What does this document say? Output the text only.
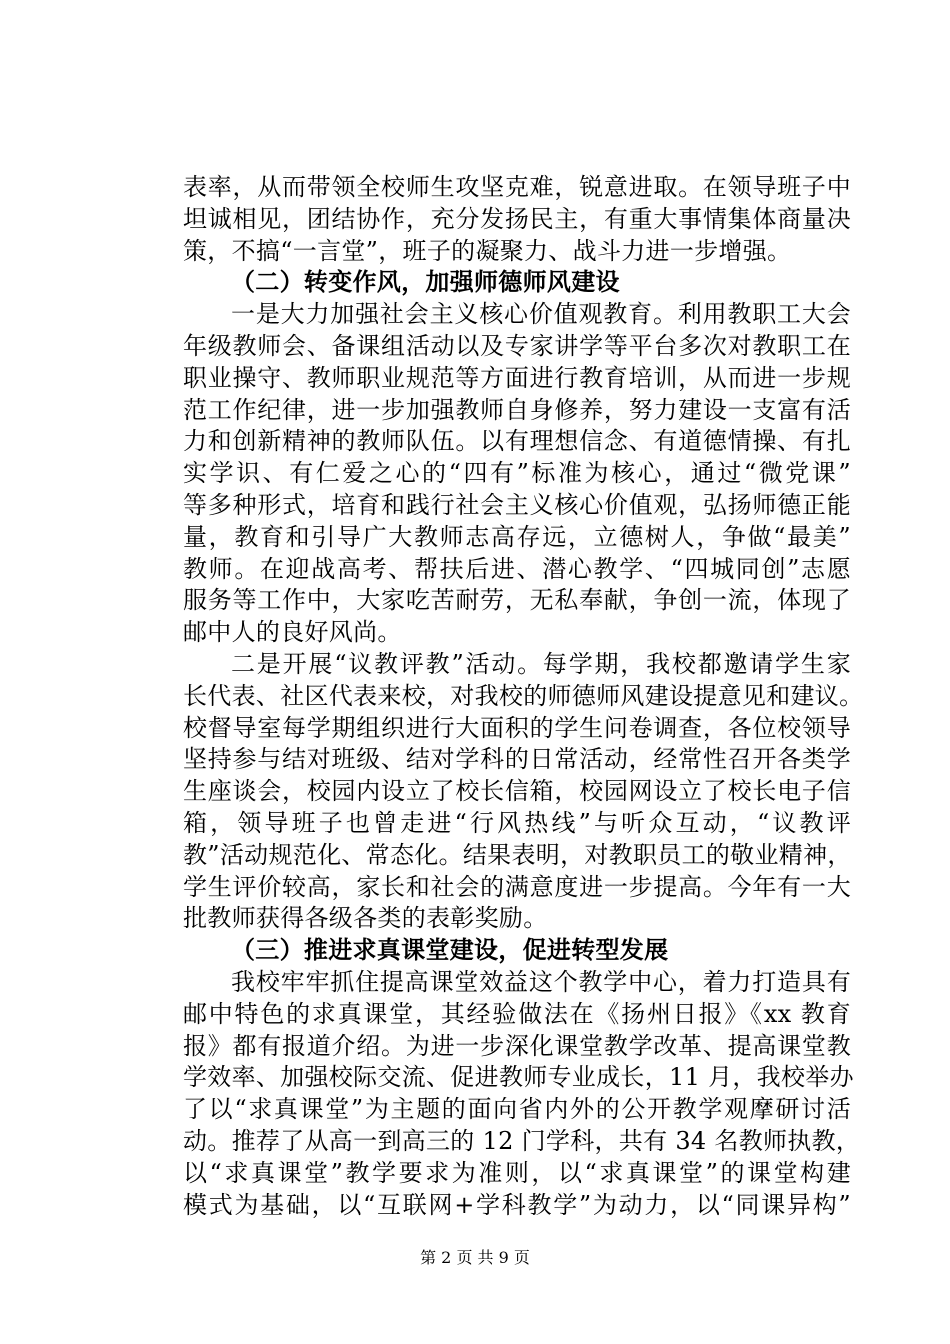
表率，从而带领全校师生攻坚克难，锐意进取。在领导班子中
坦诚相见，团结协作，充分发扬民主，有重大事情集体商量决
策，不搞“一言堂”，班子的凝聚力、战斗力进一步增强。
（二）转变作风，加强师德师风建设
一是大力加强社会主义核心价值观教育。利用教职工大会
年级教师会、备课组活动以及专家讲学等平台多次对教职工在
职业操守、教师职业规范等方面进行教育培训，从而进一步规
范工作纪律，进一步加强教师自身修养，努力建设一支富有活
力和创新精神的教师队伍。以有理想信念、有道德情操、有扎
实学识、有仁爱之心的“四有”标准为核心，通过“微党课”
等多种形式，培育和践行社会主义核心价值观，弘扬师德正能
量，教育和引导广大教师志高存远，立德树人，争做“最美”
教师。在迎战高考、帮扶后进、潜心教学、“四城同创”志愿
服务等工作中，大家吃苦耐劳，无私奉献，争创一流，体现了
邮中人的良好风尚。
二是开展“议教评教”活动。每学期，我校都邀请学生家
长代表、社区代表来校，对我校的师德师风建设提意见和建议。
校督导室每学期组织进行大面积的学生问卷调查，各位校领导
坚持参与结对班级、结对学科的日常活动，经常性召开各类学
生座谈会，校园内设立了校长信箱，校园网设立了校长电子信
箱，领导班子也曾走进“行风热线”与听众互动，“议教评
教”活动规范化、常态化。结果表明，对教职员工的敬业精神，
学生评价较高，家长和社会的满意度进一步提高。今年有一大
批教师获得各级各类的表彰奖励。
（三）推进求真课堂建设，促进转型发展
我校牢牢抓住提高课堂效益这个教学中心，着力打造具有
邮中特色的求真课堂，其经验做法在《扬州日报》《xx 教育
报》都有报道介绍。为进一步深化课堂教学改革、提高课堂教
学效率、加强校际交流、促进教师专业成长，11 月，我校举办
了以“求真课堂”为主题的面向省内外的公开教学观摩研讨活
动。推荐了从高一到高三的 12 门学科，共有 34 名教师执教，
以“求真课堂”教学要求为准则，以“求真课堂”的课堂构建
模式为基础，以“互联网+学科教学”为动力，以“同课异构”
第 2 页 共 9 页
